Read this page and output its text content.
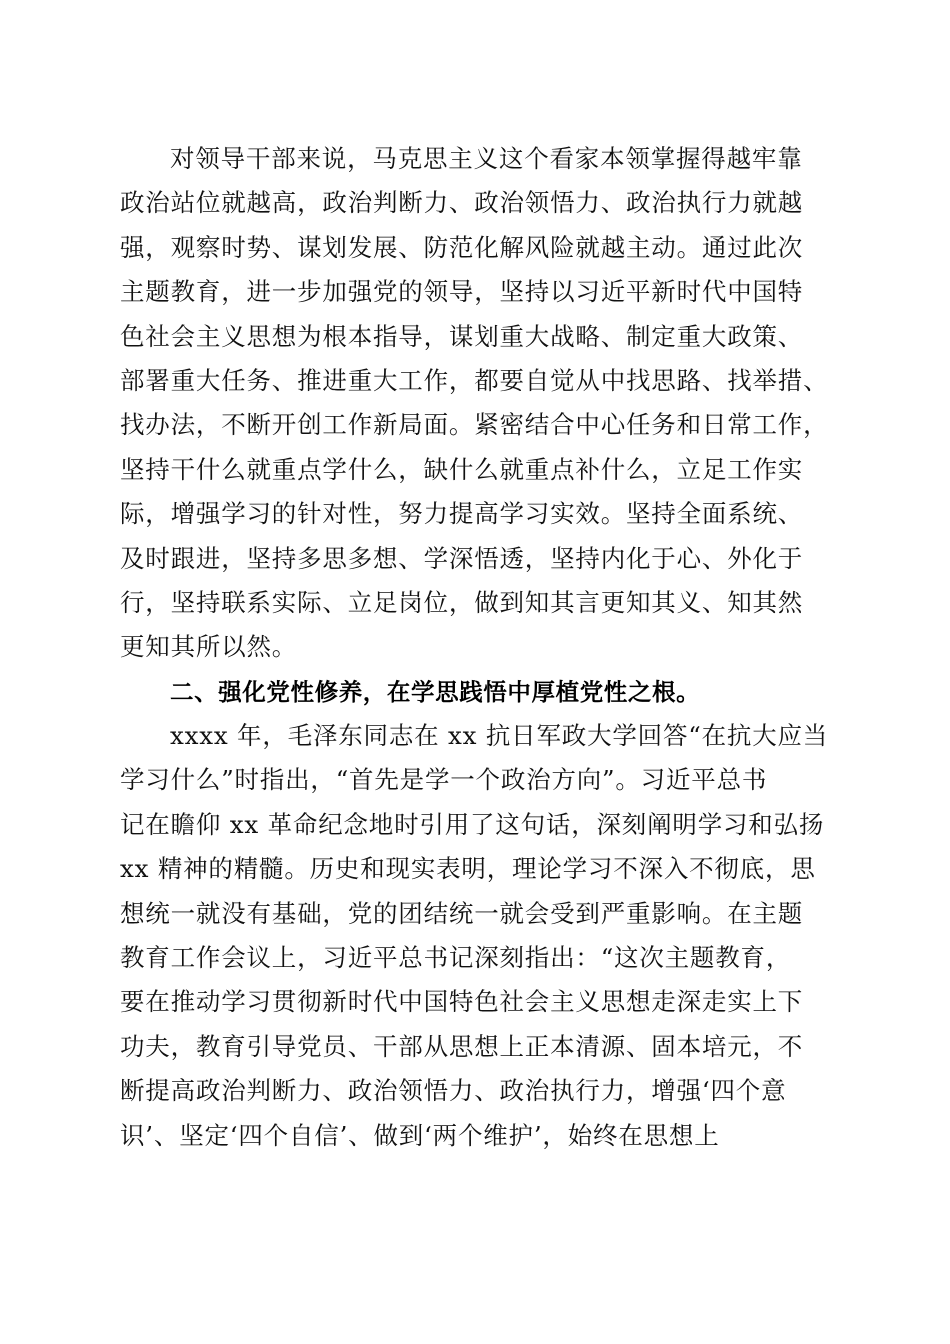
对领导干部来说，马克思主义这个看家本领掌握得越牢靠
政治站位就越高，政治判断力、政治领悟力、政治执行力就越
强，观察时势、谋划发展、防范化解风险就越主动。通过此次
主题教育，进一步加强党的领导，坚持以习近平新时代中国特
色社会主义思想为根本指导，谋划重大战略、制定重大政策、
部署重大任务、推进重大工作，都要自觉从中找思路、找举措、
找办法，不断开创工作新局面。紧密结合中心任务和日常工作，
坚持干什么就重点学什么，缺什么就重点补什么，立足工作实
际，增强学习的针对性，努力提高学习实效。坚持全面系统、
及时跟进，坚持多思多想、学深悟透，坚持内化于心、外化于
行，坚持联系实际、立足岗位，做到知其言更知其义、知其然
更知其所以然。
二、强化党性修养，在学思践悟中厚植党性之根。
xxxx 年，毛泽东同志在 xx 抗日军政大学回答“在抗大应当
学习什么”时指出，“首先是学一个政治方向”。习近平总书
记在瞻仰 xx 革命纪念地时引用了这句话，深刻阐明学习和弘扬
xx 精神的精髓。历史和现实表明，理论学习不深入不彻底，思
想统一就没有基础，党的团结统一就会受到严重影响。在主题
教育工作会议上，习近平总书记深刻指出：“这次主题教育，
要在推动学习贯彻新时代中国特色社会主义思想走深走实上下
功夫，教育引导党员、干部从思想上正本清源、固本培元，不
断提高政治判断力、政治领悟力、政治执行力，增强‘四个意
识’、坚定‘四个自信’、做到‘两个维护’，始终在思想上
